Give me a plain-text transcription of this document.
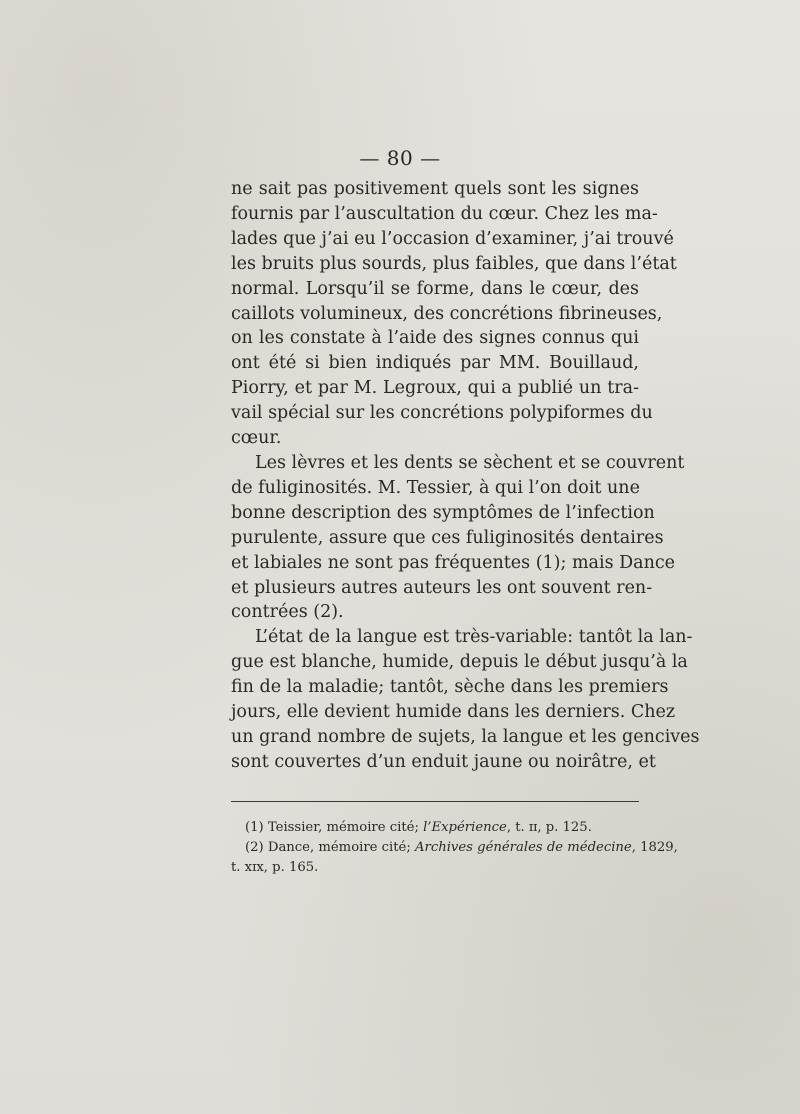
— 80 —
ne sait pas positivement quels sont les signes
fournis par l’auscultation du cœur. Chez les ma-
lades que j’ai eu l’occasion d’examiner, j’ai trouvé
les bruits plus sourds, plus faibles, que dans l’état
normal. Lorsqu’il se forme, dans le cœur, des
caillots volumineux, des concrétions fibrineuses,
on les constate à l’aide des signes connus qui
ont été si bien indiqués par MM. Bouillaud,
Piorry, et par M. Legroux, qui a publié un tra-
vail spécial sur les concrétions polypiformes du
cœur.
Les lèvres et les dents se sèchent et se couvrent
de fuliginosités. M. Tessier, à qui l’on doit une
bonne description des symptômes de l’infection
purulente, assure que ces fuliginosités dentaires
et labiales ne sont pas fréquentes (1); mais Dance
et plusieurs autres auteurs les ont souvent ren-
contrées (2).
L’état de la langue est très-variable: tantôt la lan-
gue est blanche, humide, depuis le début jusqu’à la
fin de la maladie; tantôt, sèche dans les premiers
jours, elle devient humide dans les derniers. Chez
un grand nombre de sujets, la langue et les gencives
sont couvertes d’un enduit jaune ou noirâtre, et
(1) Teissier, mémoire cité; l’Expérience, t. ɪɪ, p. 125.
(2) Dance, mémoire cité; Archives générales de médecine, 1829,
t. xɪx, p. 165.
